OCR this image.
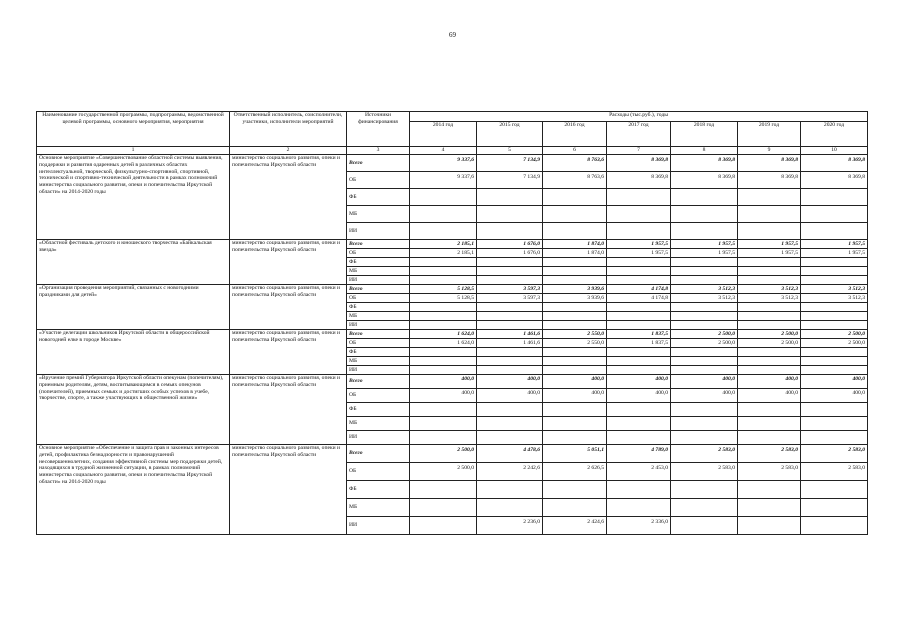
69
Наименование государственной программы, подпрограммы, ведомственной целевой программы, основного мероприятия, мероприятия	Ответственный исполнитель, соисполнители, участники, исполнители мероприятий	Источники финансирования	Расходы (тыс.руб.), годы						
			2014 год	2015 год	2016 год	2017 год	2018 год	2019 год	2020 год
1	2	3	4	5	6	7	8	9	10
Основное мероприятие «Совершенствование областной системы выявления, поддержки и развития одаренных детей в различных областях интеллектуальной, творческой, физкультурно-спортивной, спортивной, технической и спортивно-технической деятельности в рамках полномочий министерства социального развития, опеки и попечительства Иркутской области» на 2014-2020 годы	министерство социального развития, опеки и попечительства Иркутской области	Всего	9 337,6	7 134,9	8 763,6	8 369,8	8 369,8	8 369,8	8 369,8
		ОБ	9 337,6	7 134,9	8 763,6	8 369,8	8 369,8	8 369,8	8 369,8
		ФБ							
		МБ							
		ИИ							
«Областной фестиваль детского и юношеского творчества «Байкальская звезда»	министерство социального развития, опеки и попечительства Иркутской области	Всего	2 185,1	1 676,0	1 874,0	1 957,5	1 957,5	1 957,5	1 957,5
		ОБ	2 185,1	1 676,0	1 874,0	1 957,5	1 957,5	1 957,5	1 957,5
		ФБ							
		МБ							
		ИИ							
«Организация проведения мероприятий, связанных с новогодними праздниками для детей»	министерство социального развития, опеки и попечительства Иркутской области	Всего	5 128,5	3 597,3	3 939,6	4 174,8	3 512,3	3 512,3	3 512,3
		ОБ	5 128,5	3 597,3	3 939,6	4 174,8	3 512,3	3 512,3	3 512,3
		ФБ							
		МБ							
		ИИ							
«Участие делегации школьников Иркутской области в общероссийской новогодней елке в городе Москве»	министерство социального развития, опеки и попечительства Иркутской области	Всего	1 624,0	1 461,6	2 550,0	1 837,5	2 500,0	2 500,0	2 500,0
		ОБ	1 624,0	1 461,6	2 550,0	1 837,5	2 500,0	2 500,0	2 500,0
		ФБ							
		МБ							
		ИИ							
«Вручение премий Губернатора Иркутской области опекунам (попечителям), приемным родителям, детям, воспитывающимся в семьях опекунов (попечителей), приемных семьях и достигших особых успехов в учебе, творчестве, спорте, а также участвующих в общественной жизни»	министерство социального развития, опеки и попечительства Иркутской области	Всего	400,0	400,0	400,0	400,0	400,0	400,0	400,0
		ОБ	400,0	400,0	400,0	400,0	400,0	400,0	400,0
		ФБ							
		МБ							
		ИИ							
Основное мероприятие «Обеспечение и защита прав и законных интересов детей, профилактика безнадзорности и правонарушений несовершеннолетних, создания эффективной системы мер поддержки детей, находящихся в трудной жизненной ситуации, в рамках полномочий министерства социального развития, опеки и попечительства Иркутской области» на 2014-2020 годы	министерство социального развития, опеки и попечительства Иркутской области	Всего	2 500,0	4 478,6	5 051,1	4 789,0	2 583,0	2 583,0	2 583,0
		ОБ	2 500,0	2 242,6	2 626,5	2 453,0	2 583,0	2 583,0	2 583,0
		ФБ							
		МБ							
		ИИ		2 236,0	2 424,6	2 336,0			
